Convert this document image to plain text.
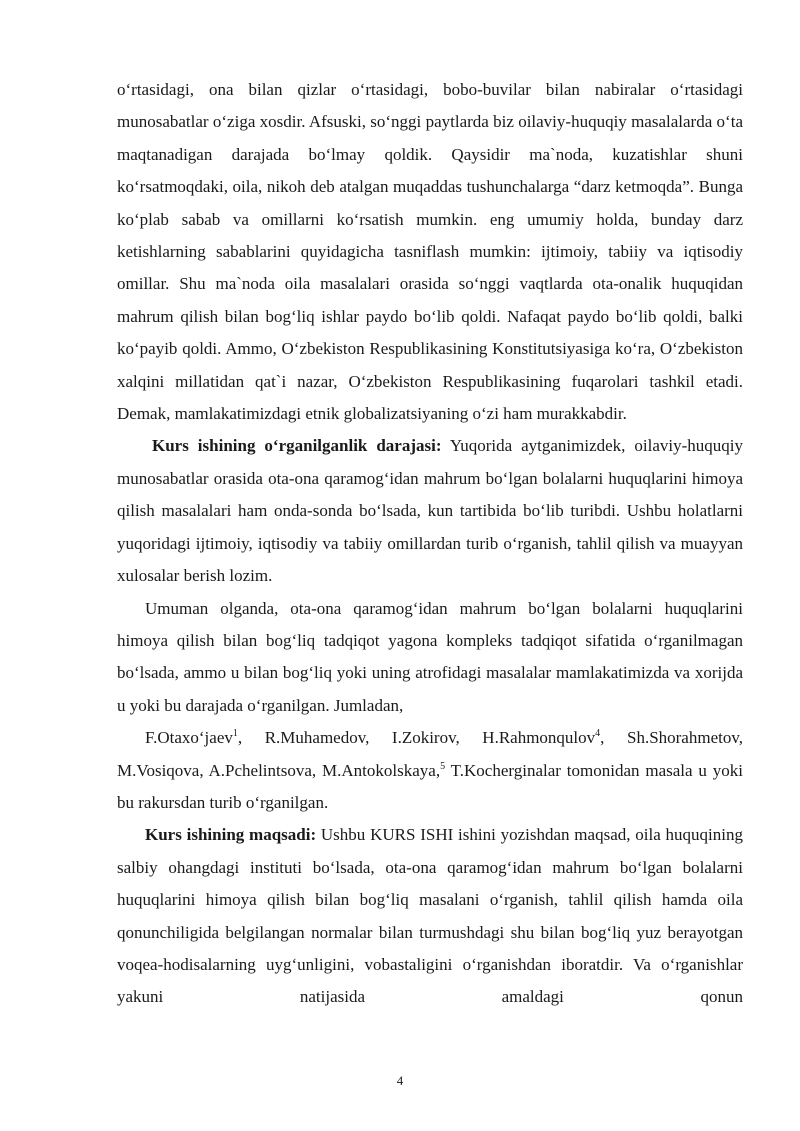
o‘rtasidagi, ona bilan qizlar o‘rtasidagi, bobo-buvilar bilan nabiralar o‘rtasidagi munosabatlar o‘ziga xosdir. Afsuski, so‘nggi paytlarda biz oilaviy-huquqiy masalalarda o‘ta maqtanadigan darajada bo‘lmay qoldik. Qaysidir ma`noda, kuzatishlar shuni ko‘rsatmoqdaki, oila, nikoh deb atalgan muqaddas tushunchalarga “darz ketmoqda”. Bunga ko‘plab sabab va omillarni ko‘rsatish mumkin. eng umumiy holda, bunday darz ketishlarning sabablarini quyidagicha tasniflash mumkin: ijtimoiy, tabiiy va iqtisodiy omillar. Shu ma`noda oila masalalari orasida so‘nggi vaqtlarda ota-onalik huquqidan mahrum qilish bilan bog‘liq ishlar paydo bo‘lib qoldi. Nafaqat paydo bo‘lib qoldi, balki ko‘payib qoldi. Ammo, O‘zbekiston Respublikasining Konstitutsiyasiga ko‘ra, O‘zbekiston xalqini millatidan qat`i nazar, O‘zbekiston Respublikasining fuqarolari tashkil etadi. Demak, mamlakatimizdagi etnik globalizatsiyaning o‘zi ham murakkabdir.

Kurs ishining o‘rganilganlik darajasi: Yuqorida aytganimizdek, oilaviy-huquqiy munosabatlar orasida ota-ona qaramog‘idan mahrum bo‘lgan bolalarni huquqlarini himoya qilish masalalari ham onda-sonda bo‘lsada, kun tartibida bo‘lib turibdi. Ushbu holatlarni yuqoridagi ijtimoiy, iqtisodiy va tabiiy omillardan turib o‘rganish, tahlil qilish va muayyan xulosalar berish lozim.

Umuman olganda, ota-ona qaramog‘idan mahrum bo‘lgan bolalarni huquqlarini himoya qilish bilan bog‘liq tadqiqot yagona kompleks tadqiqot sifatida o‘rganilmagan bo‘lsada, ammo u bilan bog‘liq yoki uning atrofidagi masalalar mamlakatimizda va xorijda u yoki bu darajada o‘rganilgan. Jumladan,

F.Otaxo‘jaev$^1$, R.Muhamedov, I.Zokirov, H.Rahmonqulov$^4$, Sh.Shorahmetov, M.Vosiqova, A.Pchelintsova, M.Antokolskaya,$^5$ T.Kocherginalar tomonidan masala u yoki bu rakursdan turib o‘rganilgan.

Kurs ishining maqsadi: Ushbu KURS ISHI ishini yozishdan maqsad, oila huquqining salbiy ohangdagi instituti bo‘lsada, ota-ona qaramog‘idan mahrum bo‘lgan bolalarni huquqlarini himoya qilish bilan bog‘liq masalani o‘rganish, tahlil qilish hamda oila qonunchiligida belgilangan normalar bilan turmushdagi shu bilan bog‘liq yuz berayotgan voqea-hodisalarning uyg‘unligini, vobastaligini o‘rganishdan iboratdir. Va o‘rganishlar yakuni natijasida amaldagi qonun

4
